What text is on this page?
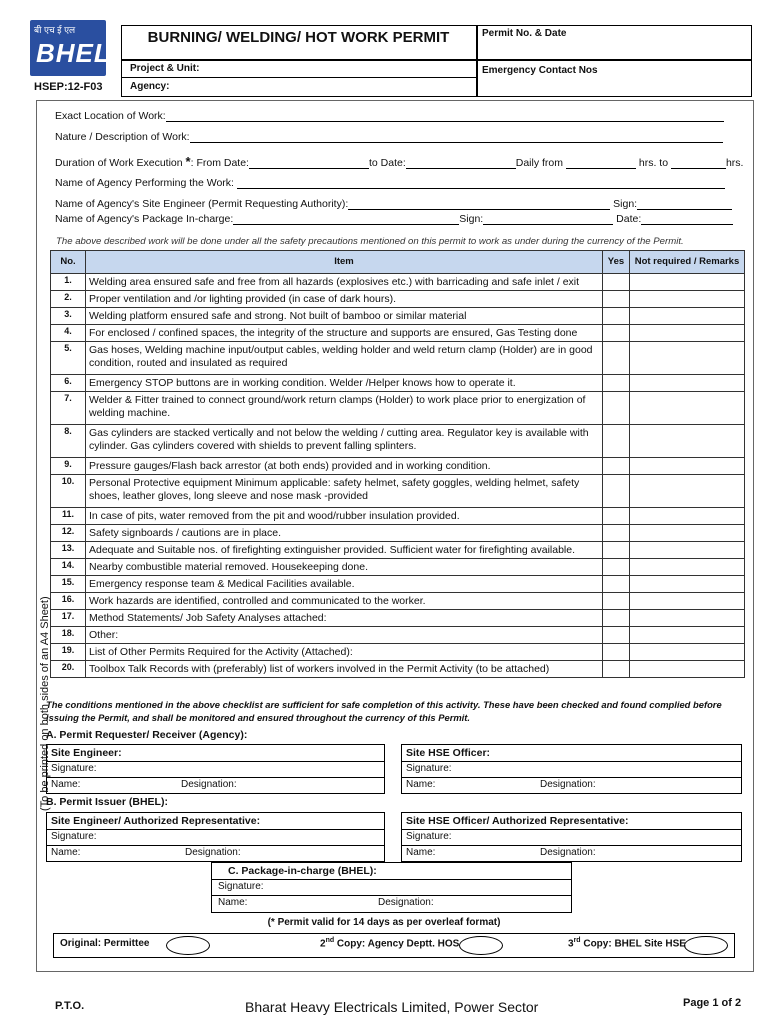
बी एच ई एल
BHEL
HSEP:12-F03
BURNING/ WELDING/ HOT WORK PERMIT	Permit No. & Date
Project & Unit:
Agency:
Emergency Contact Nos
Exact Location of Work:
Nature / Description of Work:
Duration of Work Execution *: From Date:	to Date:	Daily from	hrs. to	hrs.
Name of Agency Performing the Work:
Name of Agency's Site Engineer (Permit Requesting Authority):	Sign:
Name of Agency's Package In-charge:	Sign:	Date:
The above described work will be done under all the safety precautions mentioned on this permit to work as under during the currency of the Permit.
No.	Item	Yes	Not required / Remarks
1.	Welding area ensured safe and free from all hazards (explosives etc.) with barricading and safe inlet / exit		
2.	Proper ventilation and /or lighting provided (in case of dark hours).		
3.	Welding platform ensured safe and strong. Not built of bamboo or similar material		
4.	For enclosed / confined spaces, the integrity of the structure and supports are ensured, Gas Testing done		
5.	Gas hoses, Welding machine input/output cables, welding holder and weld return clamp (Holder) are in good condition, routed and insulated as required		
6.	Emergency STOP buttons are in working condition. Welder /Helper knows how to operate it.		
7.	Welder & Fitter trained to connect ground/work return clamps (Holder) to work place prior to energization of welding machine.		
8.	Gas cylinders are stacked vertically and not below the welding / cutting area. Regulator key is available with cylinder. Gas cylinders covered with shields to prevent falling splinters.		
9.	Pressure gauges/Flash back arrestor (at both ends) provided and in working condition.		
10.	Personal Protective equipment Minimum applicable: safety helmet, safety goggles, welding helmet, safety shoes, leather gloves, long sleeve and nose mask -provided		
11.	In case of pits, water removed from the pit and wood/rubber insulation provided.		
12.	Safety signboards / cautions are in place.		
13.	Adequate and Suitable nos. of firefighting extinguisher provided. Sufficient water for firefighting available.		
14.	Nearby combustible material removed. Housekeeping done.		
15.	Emergency response team & Medical Facilities available.		
16.	Work hazards are identified, controlled and communicated to the worker.		
17.	Method Statements/ Job Safety Analyses attached:		
18.	Other:		
19.	List of Other Permits Required for the Activity (Attached):		
20.	Toolbox Talk Records with (preferably) list of workers involved in the Permit Activity (to be attached)		
The conditions mentioned in the above checklist are sufficient for safe completion of this activity. These have been checked and found complied before issuing the Permit, and shall be monitored and ensured throughout the currency of this Permit.
A. Permit Requester/ Receiver (Agency):
Site Engineer:
Signature:
Name:	Designation:
Site HSE Officer:
Signature:
Name:	Designation:
B. Permit Issuer (BHEL):
Site Engineer/ Authorized Representative:
Signature:
Name:	Designation:
Site HSE Officer/ Authorized Representative:
Signature:
Name:	Designation:
C. Package-in-charge (BHEL):
Signature:
Name:	Designation:
(* Permit valid for 14 days as per overleaf format)
Original: Permittee	2nd Copy: Agency Deptt. HOS	3rd Copy: BHEL Site HSE
(To be printed on both sides of an A4 Sheet)
P.T.O.	Bharat Heavy Electricals Limited, Power Sector	Page 1 of 2
